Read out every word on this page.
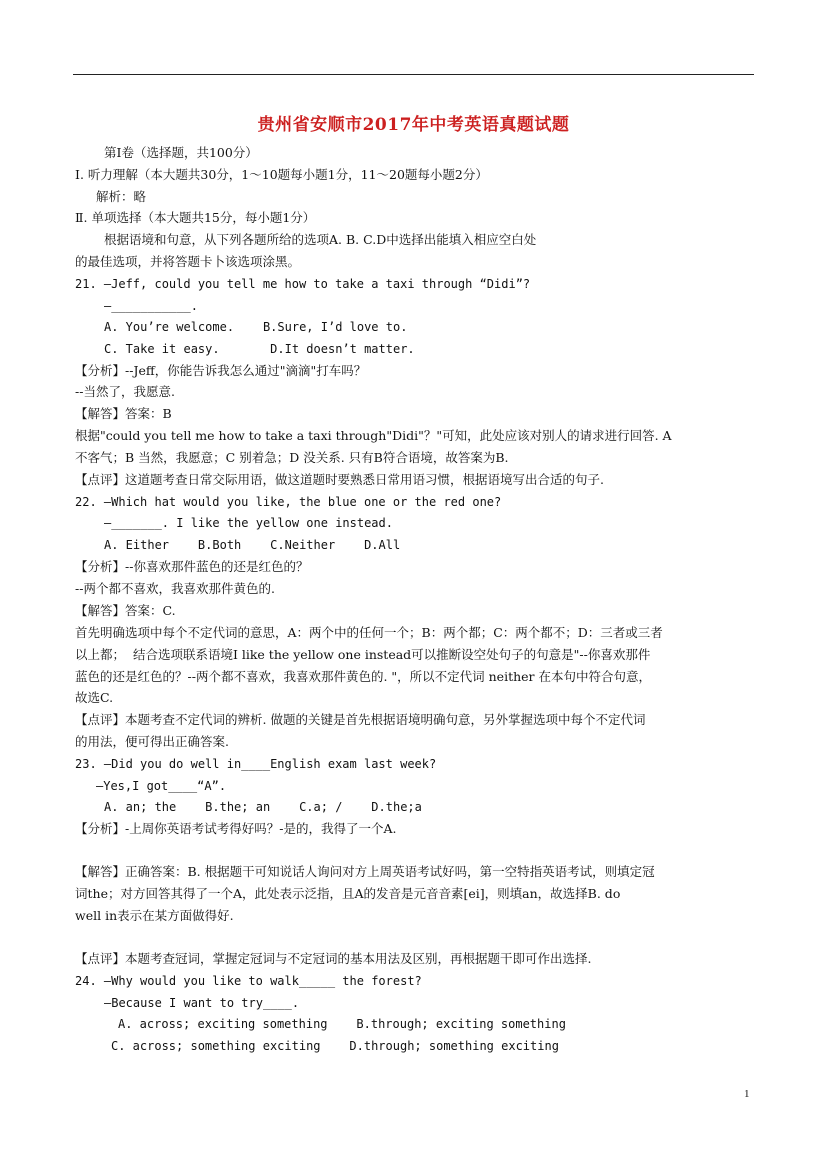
贵州省安顺市2017年中考英语真题试题
第Ⅰ卷（选择题，共100分）
Ⅰ. 听力理解（本大题共30分，1～10题每小题1分，11～20题每小题2分）
解析：略
Ⅱ. 单项选择（本大题共15分，每小题1分）
根据语境和句意，从下列各题所给的选项A. B. C.D中选择出能填入相应空白处
的最佳选项，并将答题卡卜该选项涂黑。
21. —Jeff, could you tell me how to take a taxi through “Didi”?
—___________.
A. You’re welcome.    B.Sure, I’d love to.
C. Take it easy.       D.It doesn’t matter.
【分析】--Jeff，你能告诉我怎么通过"滴滴"打车吗？
--当然了，我愿意.
【解答】答案：B
根据"could you tell me how to take a taxi through"Didi"？"可知，此处应该对别人的请求进行回答. A
不客气；B 当然，我愿意；C 别着急；D 没关系. 只有B符合语境，故答案为B.
【点评】这道题考查日常交际用语，做这道题时要熟悉日常用语习惯，根据语境写出合适的句子.
22. —Which hat would you like, the blue one or the red one?
—_______. I like the yellow one instead.
A. Either    B.Both    C.Neither    D.All
【分析】--你喜欢那件蓝色的还是红色的？
--两个都不喜欢，我喜欢那件黄色的.
【解答】答案：C.
首先明确选项中每个不定代词的意思，A：两个中的任何一个；B：两个都；C：两个都不；D：三者或三者
以上都；  结合选项联系语境I like the yellow one instead可以推断设空处句子的句意是"--你喜欢那件
蓝色的还是红色的？--两个都不喜欢，我喜欢那件黄色的. "，所以不定代词 neither 在本句中符合句意，
故选C.
【点评】本题考查不定代词的辨析. 做题的关键是首先根据语境明确句意，另外掌握选项中每个不定代词
的用法，便可得出正确答案.
23. —Did you do well in____English exam last week?
—Yes,I got____“A”.
A. an; the    B.the; an    C.a; /    D.the;a
【分析】-上周你英语考试考得好吗？-是的，我得了一个A.
【解答】正确答案：B. 根据题干可知说话人询问对方上周英语考试好吗，第一空特指英语考试，则填定冠
词the；对方回答其得了一个A，此处表示泛指，且A的发音是元音音素[ei]，则填an，故选择B. do
well in表示在某方面做得好.
【点评】本题考查冠词，掌握定冠词与不定冠词的基本用法及区别，再根据题干即可作出选择.
24. —Why would you like to walk_____ the forest?
—Because I want to try____.
A. across; exciting something    B.through; exciting something
C. across; something exciting    D.through; something exciting
1
